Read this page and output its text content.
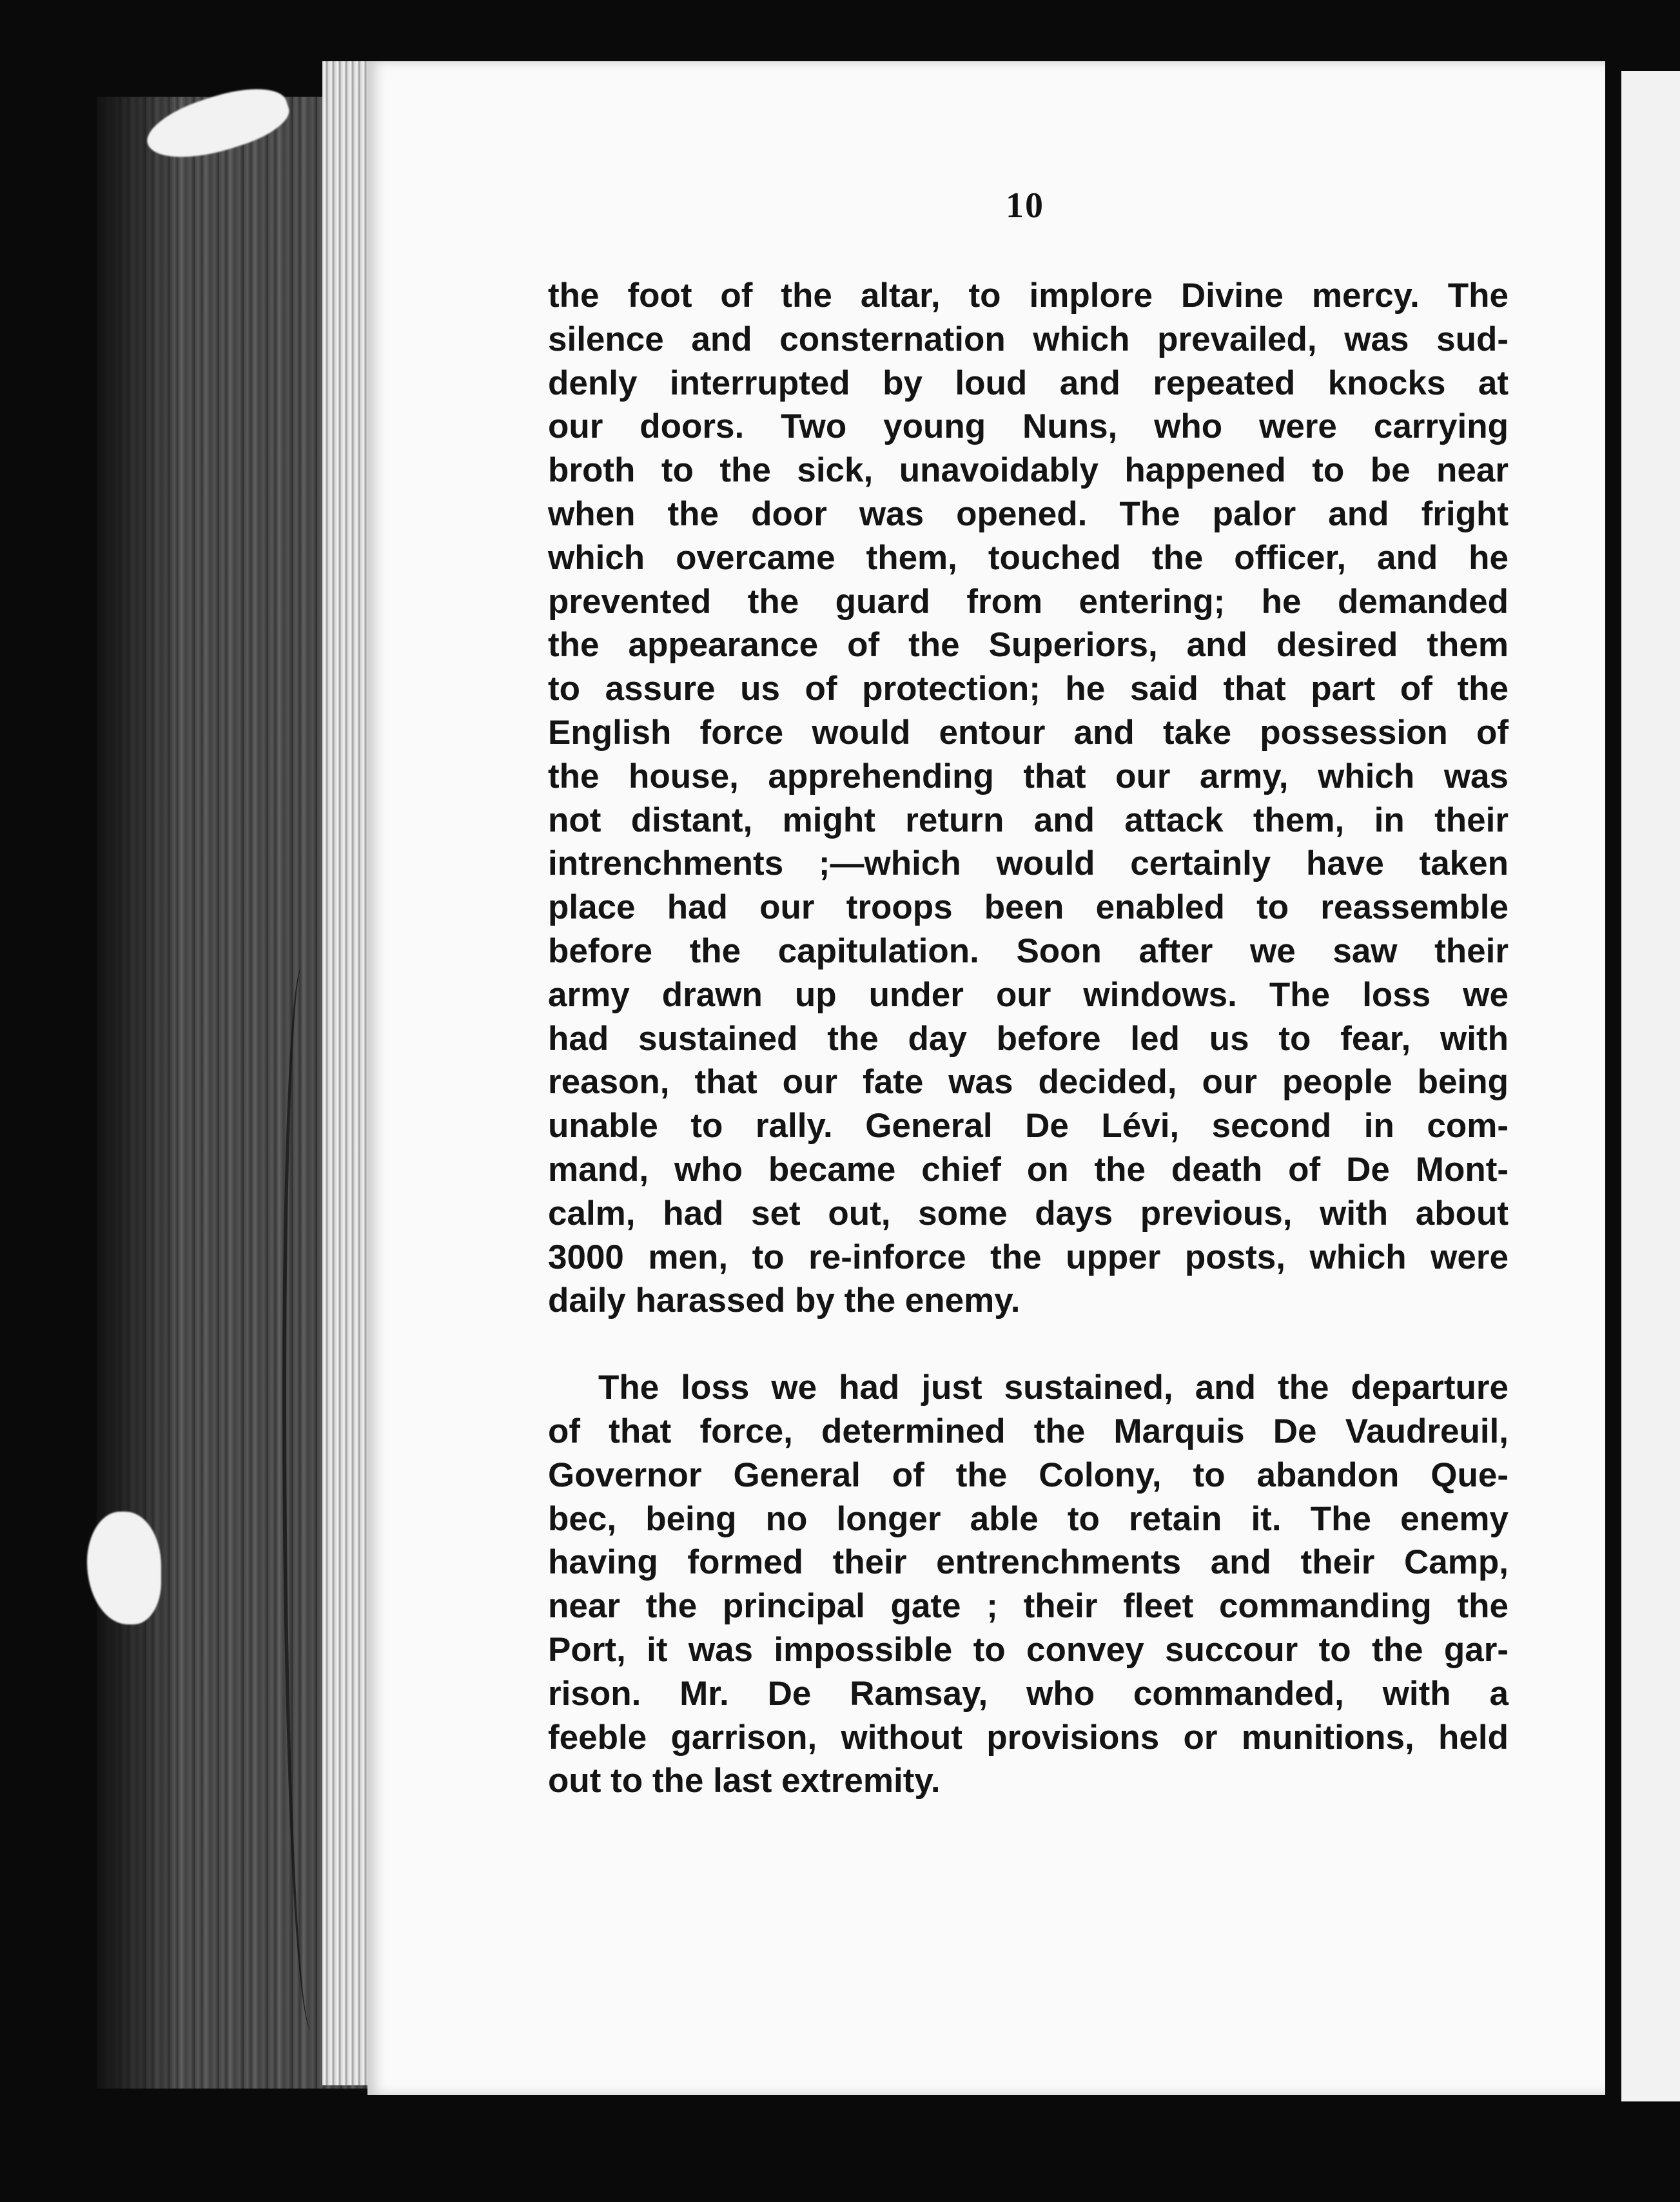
10
the foot of the altar, to implore Divine mercy. The
silence and consternation which prevailed, was sud-
denly interrupted by loud and repeated knocks at
our doors. Two young Nuns, who were carrying
broth to the sick, unavoidably happened to be near
when the door was opened. The palor and fright
which overcame them, touched the officer, and he
prevented the guard from entering; he demanded
the appearance of the Superiors, and desired them
to assure us of protection; he said that part of the
English force would entour and take possession of
the house, apprehending that our army, which was
not distant, might return and attack them, in their
intrenchments ;—which would certainly have taken
place had our troops been enabled to reassemble
before the capitulation. Soon after we saw their
army drawn up under our windows. The loss we
had sustained the day before led us to fear, with
reason, that our fate was decided, our people being
unable to rally. General De Lévi, second in com-
mand, who became chief on the death of De Mont-
calm, had set out, some days previous, with about
3000 men, to re-inforce the upper posts, which were
daily harassed by the enemy.
The loss we had just sustained, and the departure
of that force, determined the Marquis De Vaudreuil,
Governor General of the Colony, to abandon Que-
bec, being no longer able to retain it. The enemy
having formed their entrenchments and their Camp,
near the principal gate ; their fleet commanding the
Port, it was impossible to convey succour to the gar-
rison. Mr. De Ramsay, who commanded, with a
feeble garrison, without provisions or munitions, held
out to the last extremity.
